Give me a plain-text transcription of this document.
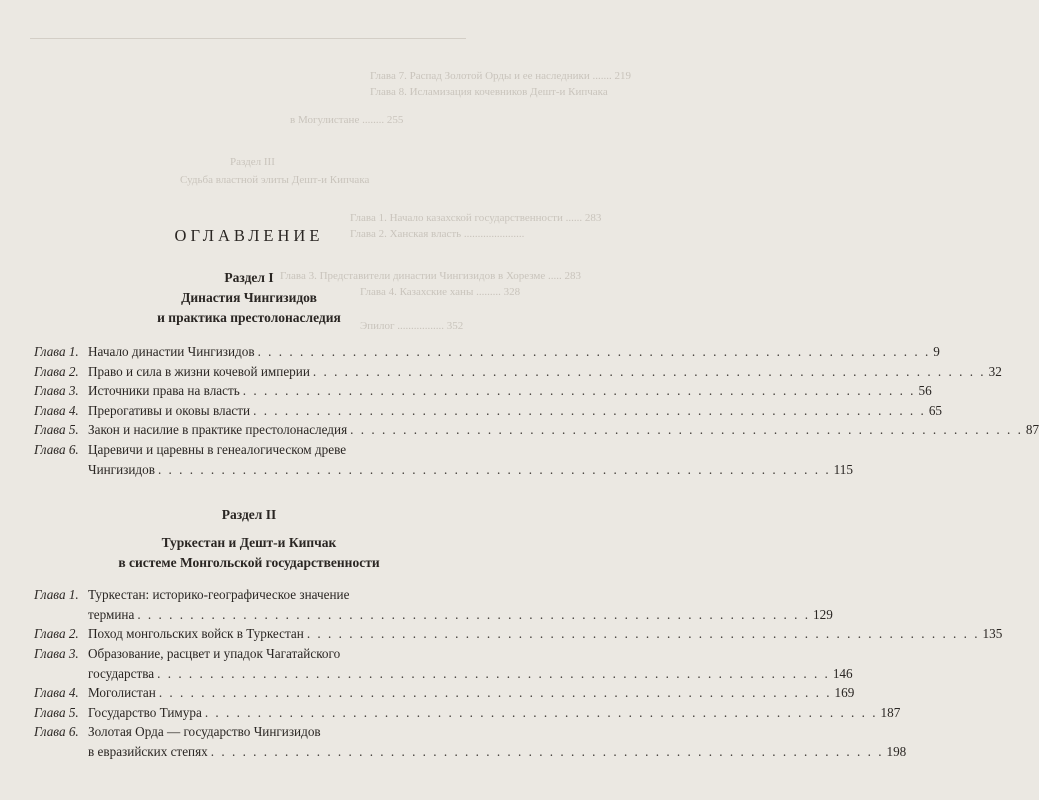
Глава 7. Распад Золотой Орды и ее наследники ....... 219
Глава 8. Исламизация кочевников Дешт-и Кипчака
в Могулистане ........ 255
Раздел III
Судьба властной элиты Дешт-и Кипчака
Глава 1. Начало казахской государственности ...... 283
Глава 2. Ханская власть ......................
Глава 3. Представители династии Чингизидов в Хорезме ..... 283
Глава 4. Казахские ханы ......... 328
Эпилог ................. 352
ОГЛАВЛЕНИЕ
Раздел I
Династия Чингизидов
и практика престолонаследия
Глава 1. Начало династии Чингизидов . . .	9
Глава 2. Право и сила в жизни кочевой империи . . .	32
Глава 3. Источники права на власть . . .	56
Глава 4. Прерогативы и оковы власти . . .	65
Глава 5. Закон и насилие в практике престолонаследия . . .	87
Глава 6. Царевичи и царевны в генеалогическом древе
Чингизидов . . .	115
Раздел II
Туркестан и Дешт-и Кипчак
в системе Монгольской государственности
Глава 1. Туркестан: историко-географическое значение
термина . . .	129
Глава 2. Поход монгольских войск в Туркестан . . .	135
Глава 3. Образование, расцвет и упадок Чагатайского
государства . . .	146
Глава 4. Моголистан . . .	169
Глава 5. Государство Тимура . . .	187
Глава 6. Золотая Орда — государство Чингизидов
в евразийских степях . . .	198
